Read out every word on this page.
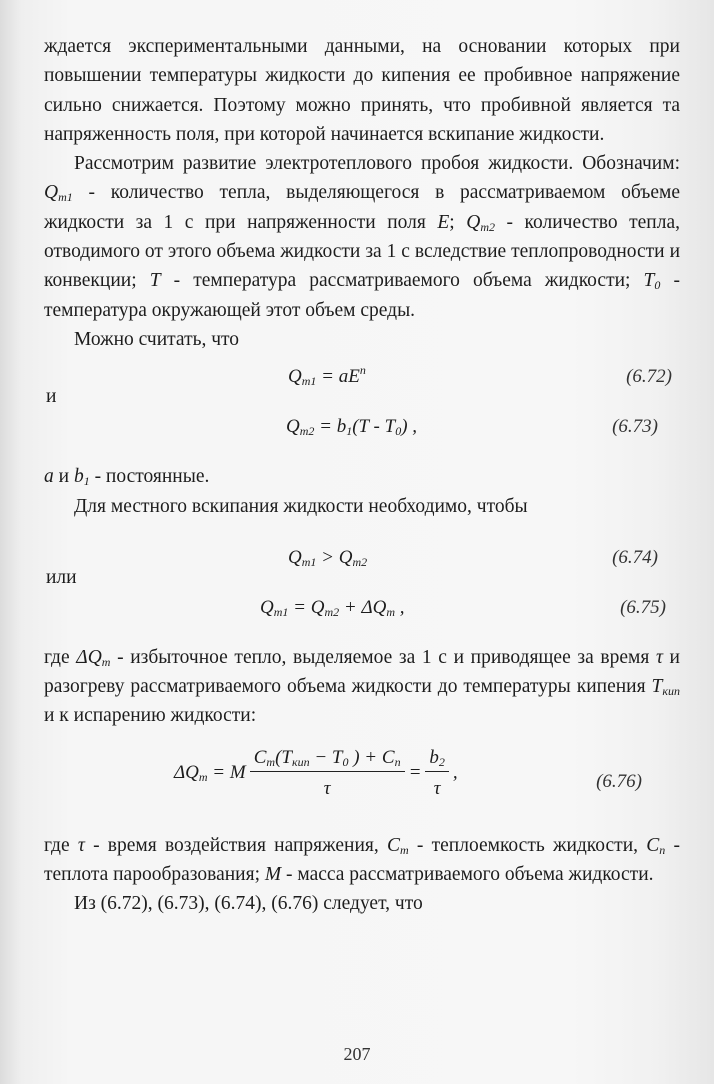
ждается экспериментальными данными, на основании которых при повышении температуры жидкости до кипения ее пробивное напряжение сильно снижается. Поэтому можно принять, что пробивной является та напряженность поля, при которой начинается вскипание жидкости.

Рассмотрим развитие электротеплового пробоя жидкости. Обозначим: $Q_{т1}$ - количество тепла, выделяющегося в рассматриваемом объеме жидкости за 1 с при напряженности поля E; $Q_{т2}$ - количество тепла, отводимого от этого объема жидкости за 1 с вследствие теплопроводности и конвекции; T - температура рассматриваемого объема жидкости; $T_0$ - температура окружающей этот объем среды.

Можно считать, что

$Q_{т1} = aE^n$	(6.72)
и
$Q_{т2} = b_1(T - T_0)$ ,	(6.73)

a и $b_1$ - постоянные.

Для местного вскипания жидкости необходимо, чтобы

$Q_{т1} > Q_{т2}$	(6.74)
или
$Q_{т1} = Q_{т2} + \Delta Q_т$ ,	(6.75)

где $\Delta Q_т$ - избыточное тепло, выделяемое за 1 с и приводящее за время τ и разогреву рассматриваемого объема жидкости до температуры кипения $T_{кип}$ и к испарению жидкости:

$\Delta Q_т = M \frac{C_т(T_{кип} - T_0 ) + C_п}{\tau} = \frac{b_2}{\tau}$ ,	(6.76)

где τ - время воздействия напряжения, $C_т$ - теплоемкость жидкости, $C_п$ - теплота парообразования; M - масса рассматриваемого объема жидкости.

Из (6.72), (6.73), (6.74), (6.76) следует, что

207
